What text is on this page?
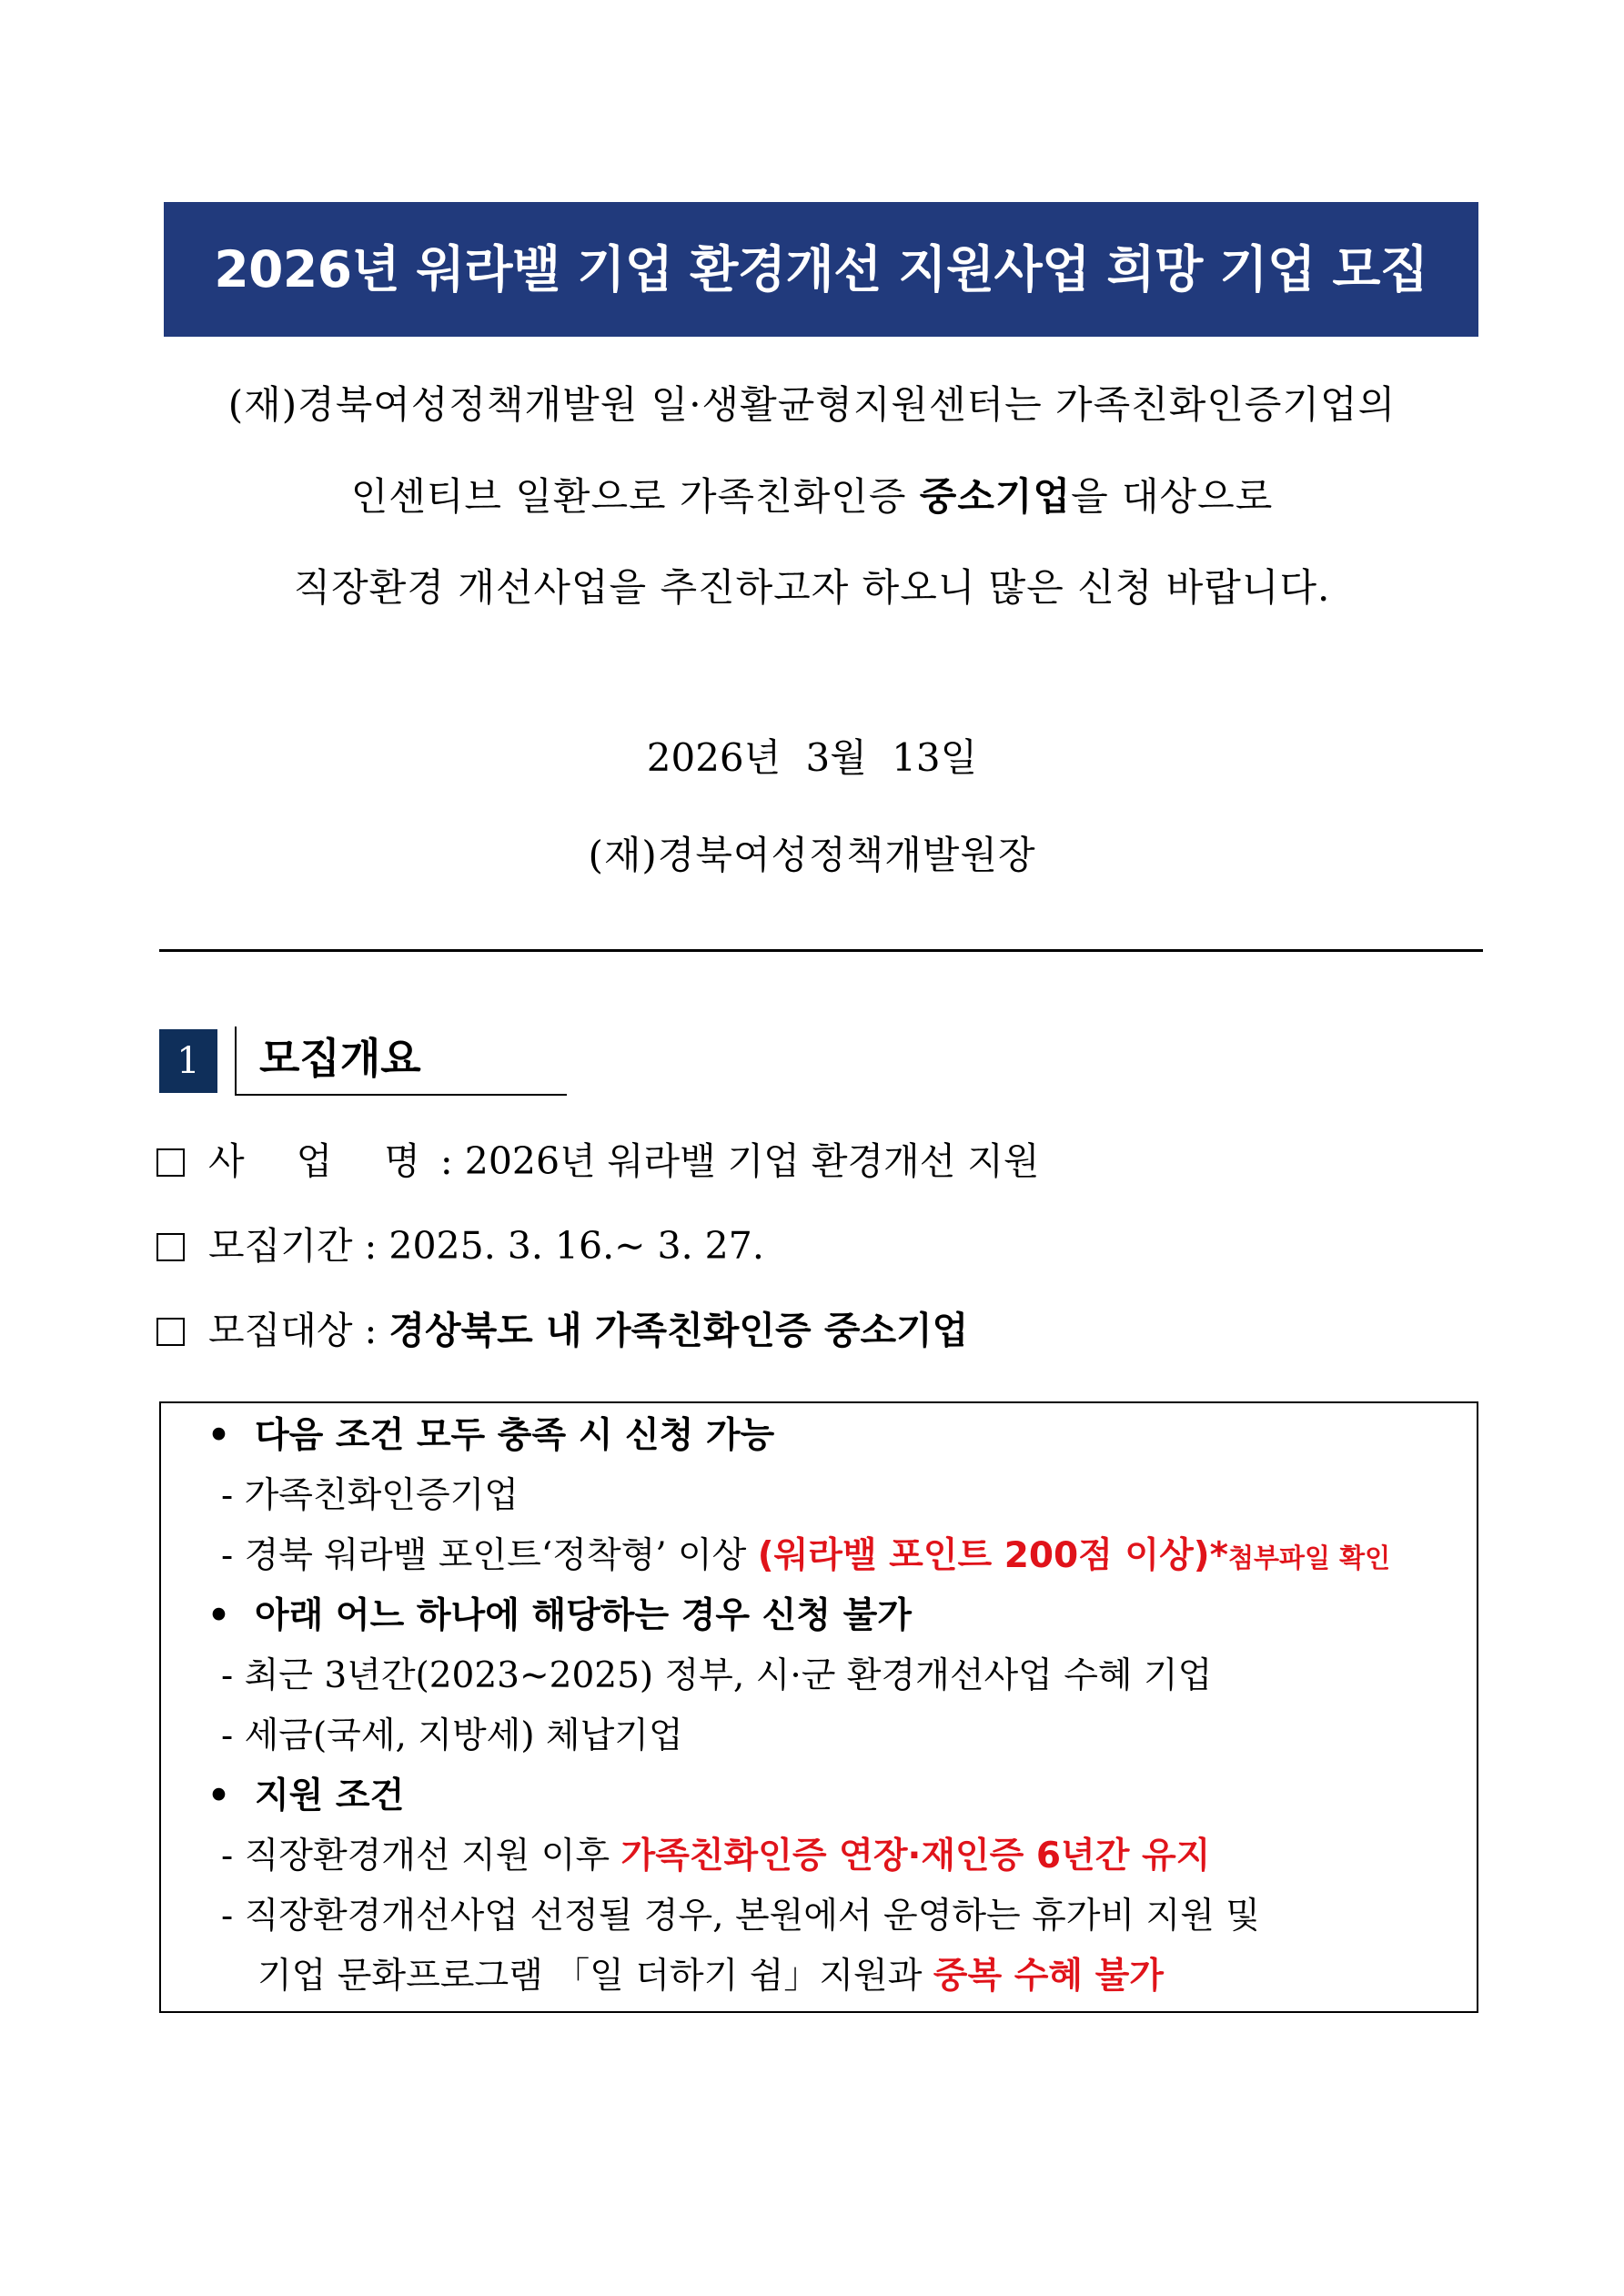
2026년 워라밸 기업 환경개선 지원사업 희망 기업 모집
(재)경북여성정책개발원 일·생활균형지원센터는 가족친화인증기업의
인센티브 일환으로 가족친화인증 중소기업을 대상으로
직장환경 개선사업을 추진하고자 하오니 많은 신청 바랍니다.
2026년 3월 13일
(재)경북여성정책개발원장
1	모집개요
사 업 명: 2026년 워라밸 기업 환경개선 지원
모집기간 : 2025. 3. 16.~ 3. 27.
모집대상 : 경상북도 내 가족친화인증 중소기업
• 다음 조건 모두 충족 시 신청 가능
- 가족친화인증기업
- 경북 워라밸 포인트‘정착형’ 이상 (워라밸 포인트 200점 이상)*첨부파일 확인
• 아래 어느 하나에 해당하는 경우 신청 불가
- 최근 3년간(2023~2025) 정부, 시·군 환경개선사업 수혜 기업
- 세금(국세, 지방세) 체납기업
• 지원 조건
- 직장환경개선 지원 이후 가족친화인증 연장·재인증 6년간 유지
- 직장환경개선사업 선정될 경우, 본원에서 운영하는 휴가비 지원 및
기업 문화프로그램 「일 더하기 쉼」지원과 중복 수혜 불가
